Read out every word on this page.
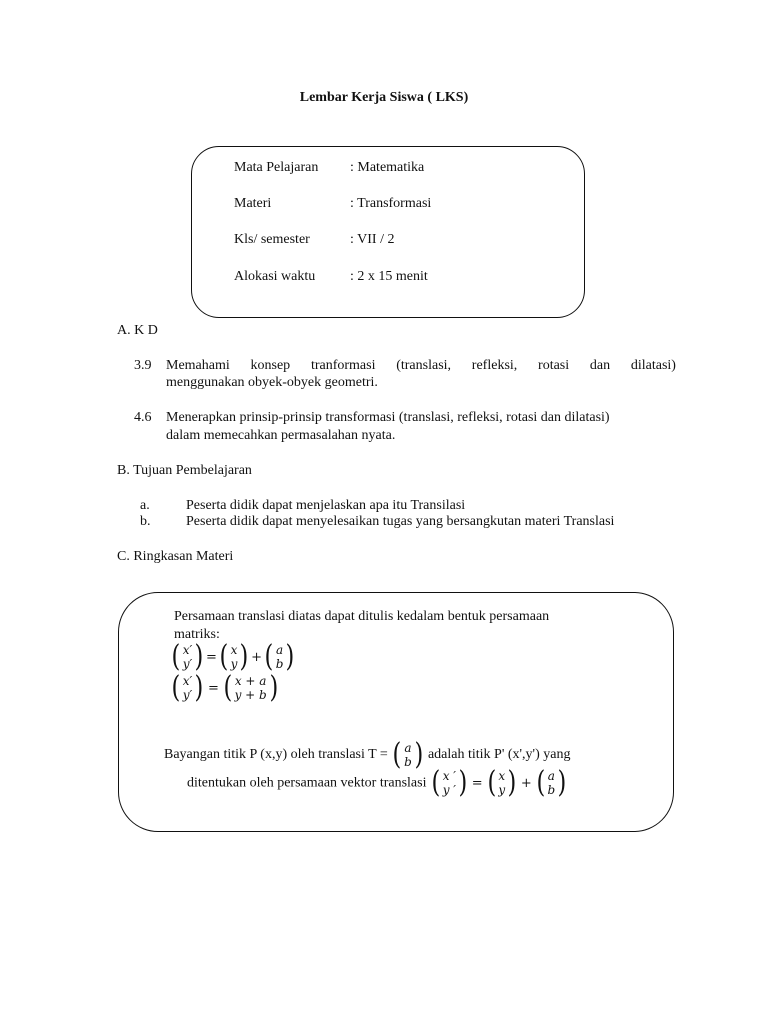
Lembar Kerja Siswa ( LKS)
Mata Pelajaran : Matematika
Materi	: Transformasi
Kls/ semester	: VII / 2
Alokasi waktu : 2 x 15 menit
A. K D
3.9 Memahami konsep tranformasi (translasi, refleksi, rotasi dan dilatasi)
menggunakan obyek-obyek geometri.
4.6 Menerapkan prinsip-prinsip transformasi (translasi, refleksi, rotasi dan dilatasi)
dalam memecahkan permasalahan nyata.
B. Tujuan Pembelajaran
a.	Peserta didik dapat menjelaskan apa itu Transilasi
b.	Peserta didik dapat menyelesaikan tugas yang bersangkutan materi Translasi
C. Ringkasan Materi
Persamaan translasi diatas dapat ditulis kedalam bentuk persamaan
matriks:
( x′
y′ ) = ( x
y ) + ( a
b )
( x′
y′ ) = ( x + a
y + b )
Bayangan titik P (x,y) oleh translasi T = ( a
b ) adalah titik P' (x',y') yang
ditentukan oleh persamaan vektor translasi ( x ′
y ′ ) = ( x
y ) + ( a
b )
